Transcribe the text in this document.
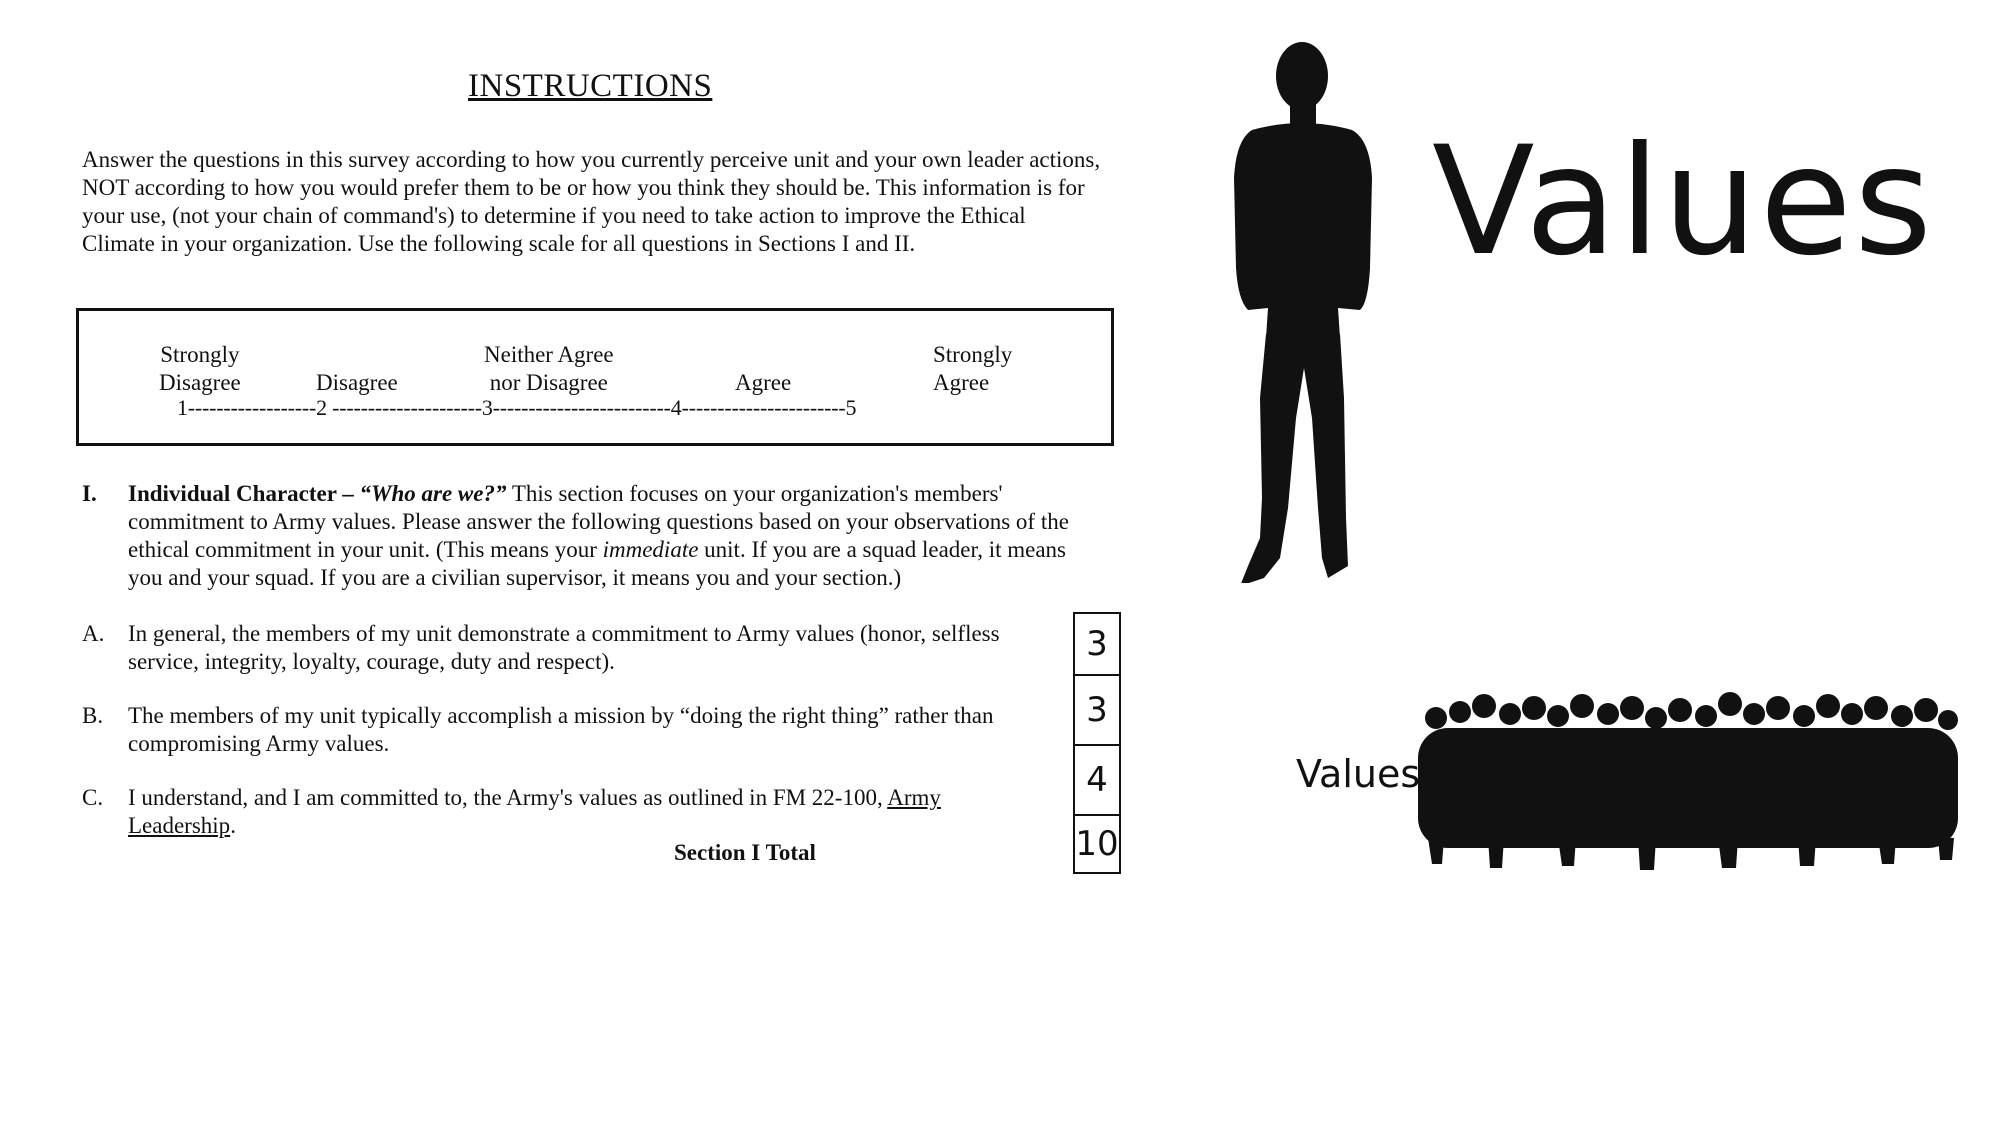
INSTRUCTIONS
Answer the questions in this survey according to how you currently perceive unit and your own leader actions, NOT according to how you would prefer them to be or how you think they should be. This information is for your use, (not your chain of command's) to determine if you need to take action to improve the Ethical Climate in your organization. Use the following scale for all questions in Sections I and II.
Strongly
Disagree	Disagree
Neither Agree
nor Disagree	Agree
Strongly
Agree
1------------------2 ---------------------3-------------------------4-----------------------5
I. Individual Character – “Who are we?” This section focuses on your organization's members' commitment to Army values. Please answer the following questions based on your observations of the ethical commitment in your unit. (This means your immediate unit. If you are a squad leader, it means you and your squad. If you are a civilian supervisor, it means you and your section.)
A. In general, the members of my unit demonstrate a commitment to Army values (honor, selfless service, integrity, loyalty, courage, duty and respect).
B. The members of my unit typically accomplish a mission by “doing the right thing” rather than compromising Army values.
C. I understand, and I am committed to, the Army's values as outlined in FM 22-100, Army Leadership.
Section I Total
3
3
4
10
Values
Values
